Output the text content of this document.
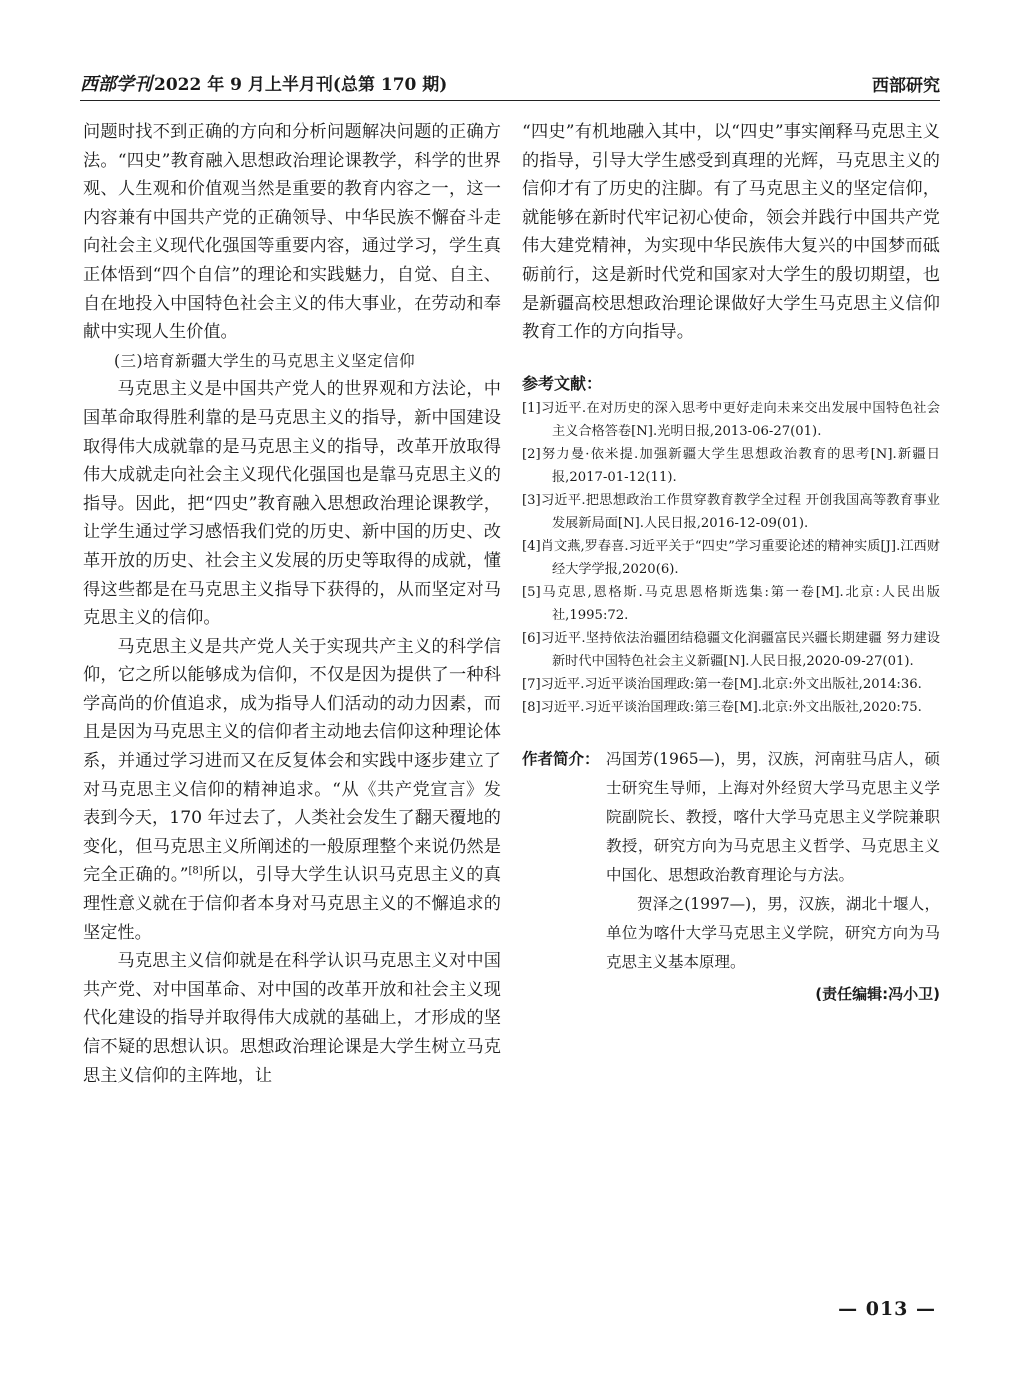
西部学刊 2022 年 9 月上半月刊(总第 170 期)	西部研究

问题时找不到正确的方向和分析问题解决问题的正确方法。“四史”教育融入思想政治理论课教学，科学的世界观、人生观和价值观当然是重要的教育内容之一，这一内容兼有中国共产党的正确领导、中华民族不懈奋斗走向社会主义现代化强国等重要内容，通过学习，学生真正体悟到“四个自信”的理论和实践魅力，自觉、自主、自在地投入中国特色社会主义的伟大事业，在劳动和奉献中实现人生价值。

(三)培育新疆大学生的马克思主义坚定信仰

马克思主义是中国共产党人的世界观和方法论，中国革命取得胜利靠的是马克思主义的指导，新中国建设取得伟大成就靠的是马克思主义的指导，改革开放取得伟大成就走向社会主义现代化强国也是靠马克思主义的指导。因此，把“四史”教育融入思想政治理论课教学，让学生通过学习感悟我们党的历史、新中国的历史、改革开放的历史、社会主义发展的历史等取得的成就，懂得这些都是在马克思主义指导下获得的，从而坚定对马克思主义的信仰。

马克思主义是共产党人关于实现共产主义的科学信仰，它之所以能够成为信仰，不仅是因为提供了一种科学高尚的价值追求，成为指导人们活动的动力因素，而且是因为马克思主义的信仰者主动地去信仰这种理论体系，并通过学习进而又在反复体会和实践中逐步建立了对马克思主义信仰的精神追求。“从《共产党宣言》发表到今天，170 年过去了，人类社会发生了翻天覆地的变化，但马克思主义所阐述的一般原理整个来说仍然是完全正确的。”[8]所以，引导大学生认识马克思主义的真理性意义就在于信仰者本身对马克思主义的不懈追求的坚定性。

马克思主义信仰就是在科学认识马克思主义对中国共产党、对中国革命、对中国的改革开放和社会主义现代化建设的指导并取得伟大成就的基础上，才形成的坚信不疑的思想认识。思想政治理论课是大学生树立马克思主义信仰的主阵地，让

“四史”有机地融入其中，以“四史”事实阐释马克思主义的指导，引导大学生感受到真理的光辉，马克思主义的信仰才有了历史的注脚。有了马克思主义的坚定信仰，就能够在新时代牢记初心使命，领会并践行中国共产党伟大建党精神，为实现中华民族伟大复兴的中国梦而砥砺前行，这是新时代党和国家对大学生的殷切期望，也是新疆高校思想政治理论课做好大学生马克思主义信仰教育工作的方向指导。

参考文献：

[1]习近平.在对历史的深入思考中更好走向未来交出发展中国特色社会主义合格答卷[N].光明日报,2013-06-27(01).

[2]努力曼·依米提.加强新疆大学生思想政治教育的思考[N].新疆日报,2017-01-12(11).

[3]习近平.把思想政治工作贯穿教育教学全过程 开创我国高等教育事业发展新局面[N].人民日报,2016-12-09(01).

[4]肖文燕,罗春喜.习近平关于“四史”学习重要论述的精神实质[J].江西财经大学学报,2020(6).

[5]马克思,恩格斯.马克思恩格斯选集:第一卷[M].北京:人民出版社,1995:72.

[6]习近平.坚持依法治疆团结稳疆文化润疆富民兴疆长期建疆 努力建设新时代中国特色社会主义新疆[N].人民日报,2020-09-27(01).

[7]习近平.习近平谈治国理政:第一卷[M].北京:外文出版社,2014:36.

[8]习近平.习近平谈治国理政:第三卷[M].北京:外文出版社,2020:75.

作者简介： 冯国芳(1965—)，男，汉族，河南驻马店人，硕士研究生导师，上海对外经贸大学马克思主义学院副院长、教授，喀什大学马克思主义学院兼职教授，研究方向为马克思主义哲学、马克思主义中国化、思想政治教育理论与方法。

贺泽之(1997—)，男，汉族，湖北十堰人，单位为喀什大学马克思主义学院，研究方向为马克思主义基本原理。

(责任编辑:冯小卫)
— 013 —
